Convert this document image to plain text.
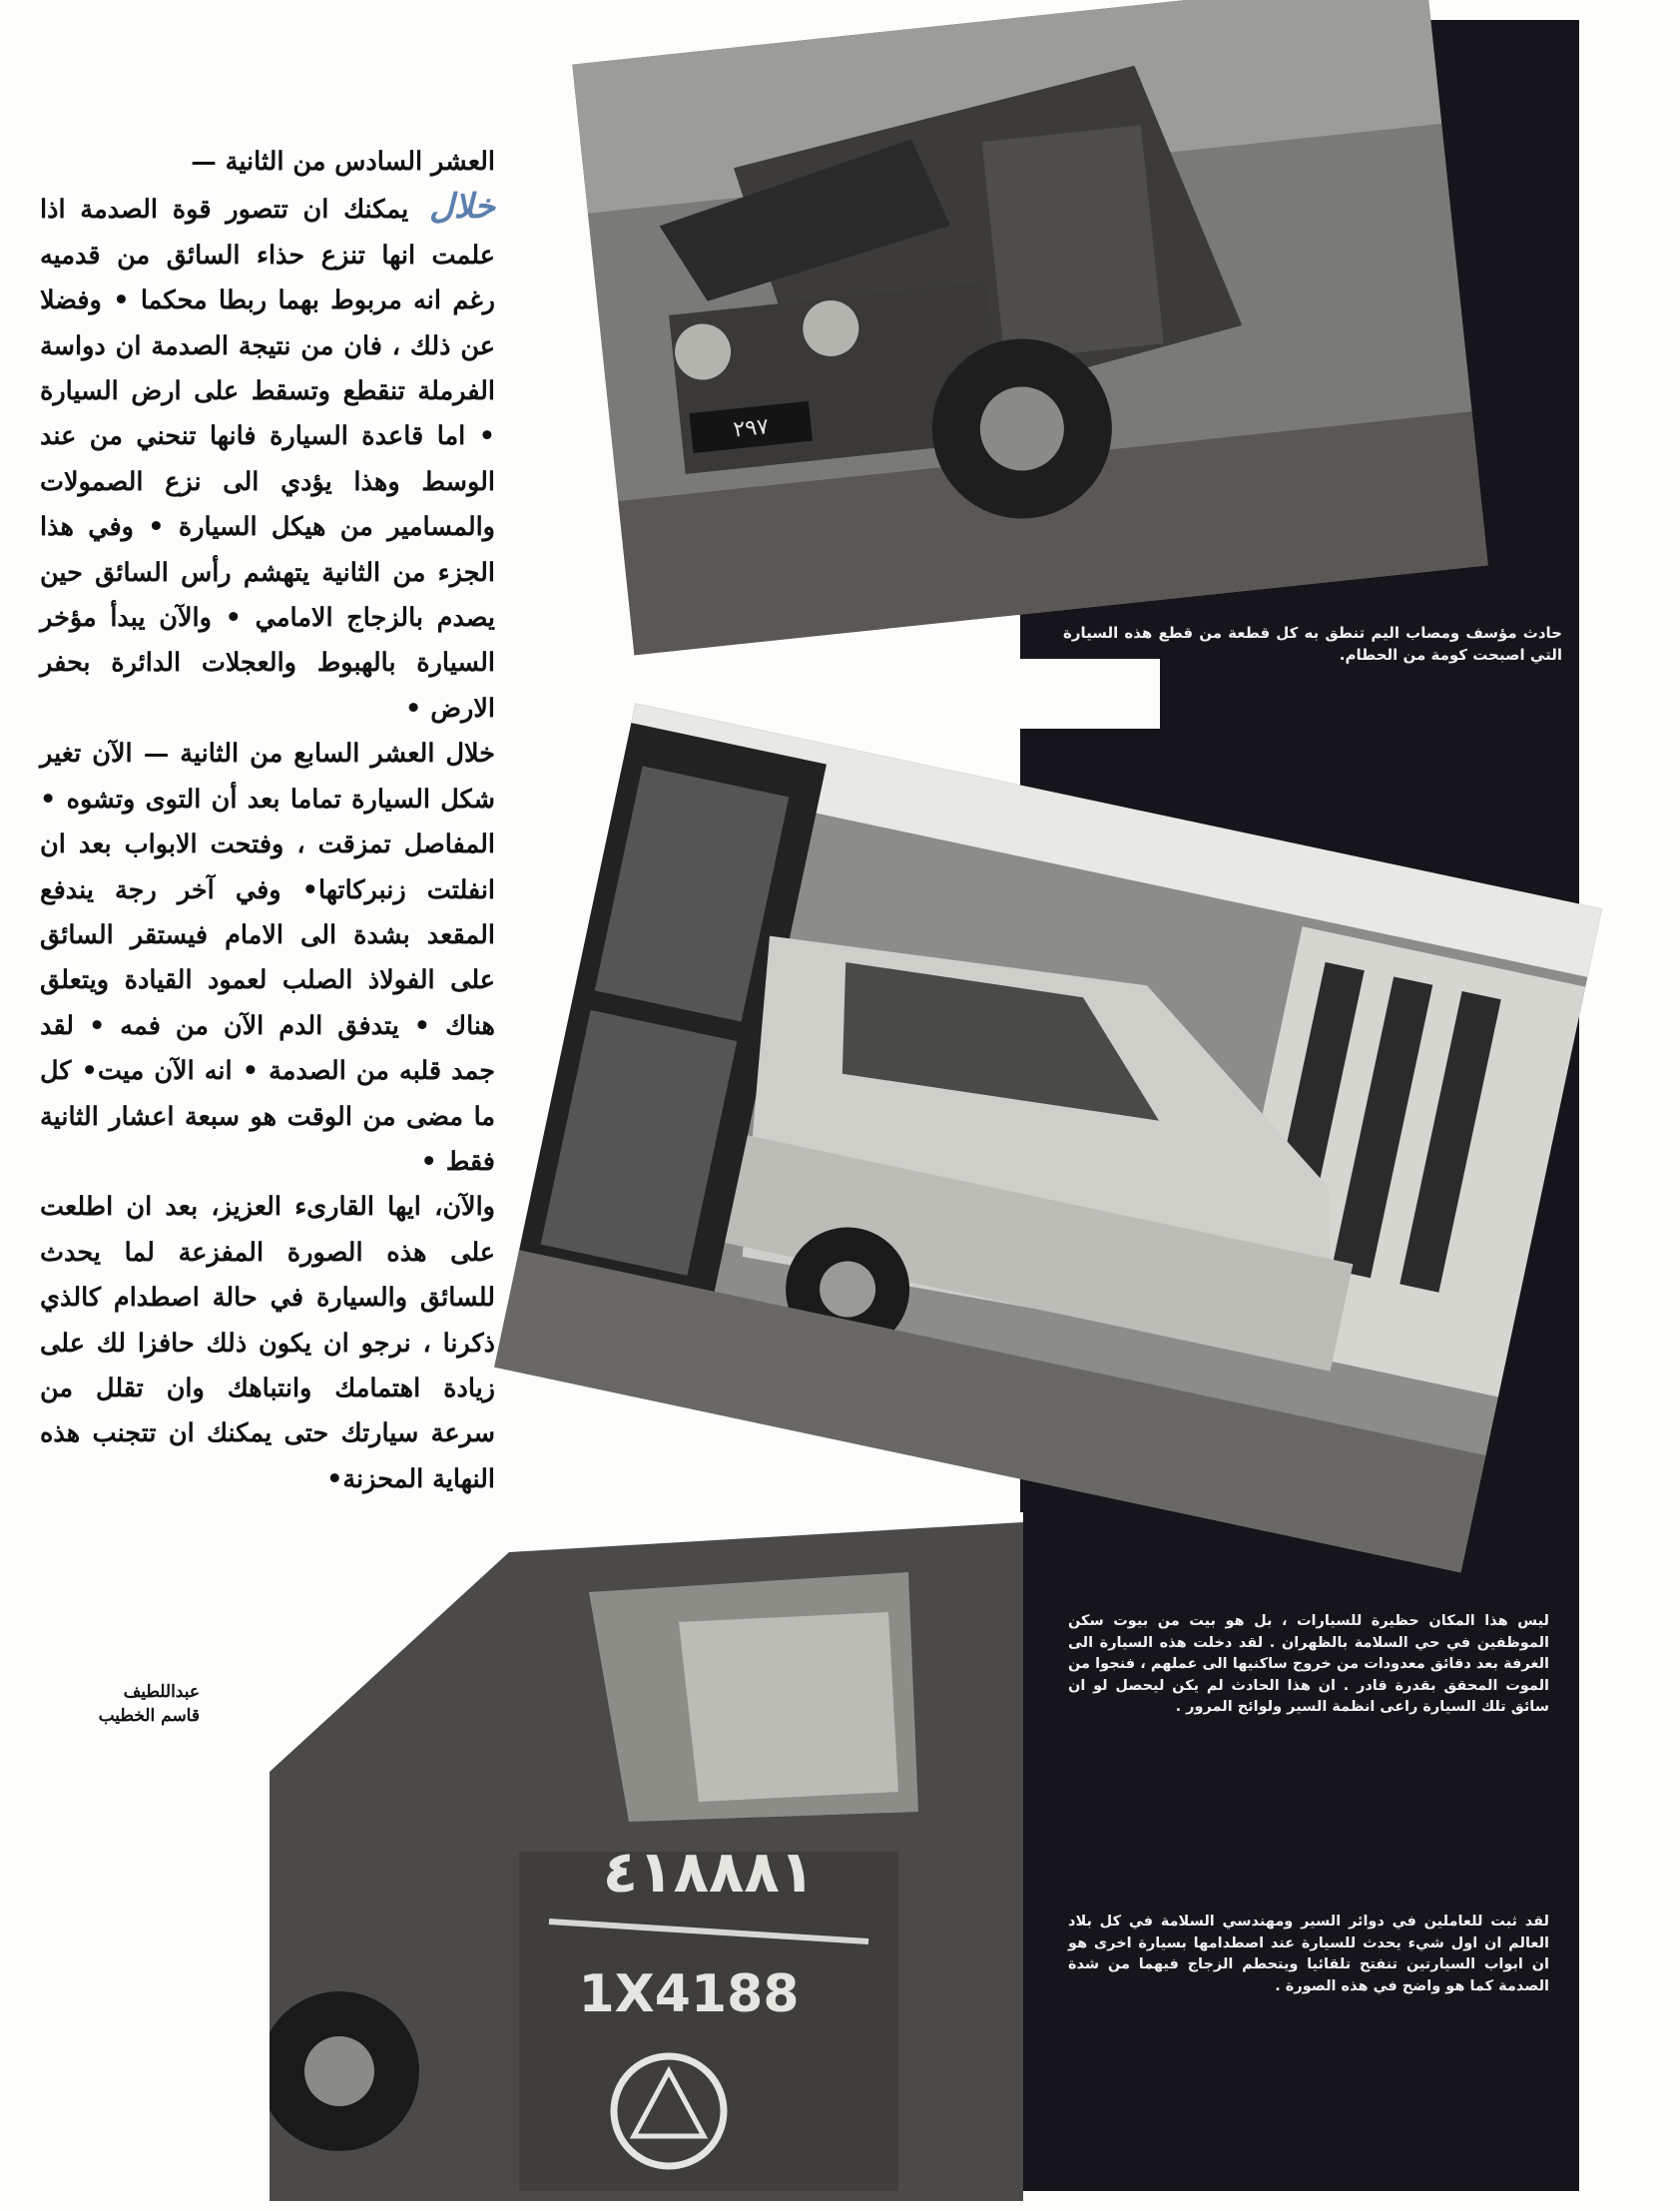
العشر السادس من الثانية —
خلال يمكنك ان تتصور قوة الصدمة اذا علمت انها تنزع حذاء السائق من قدميه رغم انه مربوط بهما ربطا محكما • وفضلا عن ذلك ، فان من نتيجة الصدمة ان دواسة الفرملة تنقطع وتسقط على ارض السيارة • اما قاعدة السيارة فانها تنحني من عند الوسط وهذا يؤدي الى نزع الصمولات والمسامير من هيكل السيارة • وفي هذا الجزء من الثانية يتهشم رأس السائق حين يصدم بالزجاج الامامي • والآن يبدأ مؤخر السيارة بالهبوط والعجلات الدائرة بحفر الارض •

خلال العشر السابع من الثانية — الآن تغير شكل السيارة تماما بعد أن التوى وتشوه • المفاصل تمزقت ، وفتحت الابواب بعد ان انفلتت زنبركاتها• وفي آخر رجة يندفع المقعد بشدة الى الامام فيستقر السائق على الفولاذ الصلب لعمود القيادة ويتعلق هناك • يتدفق الدم الآن من فمه • لقد جمد قلبه من الصدمة • انه الآن ميت• كل ما مضى من الوقت هو سبعة اعشار الثانية فقط •

والآن، ايها القارىء العزيز، بعد ان اطلعت على هذه الصورة المفزعة لما يحدث للسائق والسيارة في حالة اصطدام كالذي ذكرنا ، نرجو ان يكون ذلك حافزا لك على زيادة اهتمامك وانتباهك وان تقلل من سرعة سيارتك حتى يمكنك ان تتجنب هذه النهاية المحزنة•

عبداللطيف
قاسم الخطيب
٢٩٧
٤١٨٨٨١
1X4188
حادث مؤسف ومصاب اليم تنطق به كل قطعة من قطع هذه السيارة التي اصبحت كومة من الحطام.
ليس هذا المكان حظيرة للسيارات ، بل هو بيت من بيوت سكن الموظفين في حي السلامة بالظهران . لقد دخلت هذه السيارة الى الغرفة بعد دقائق معدودات من خروج ساكنيها الى عملهم ، فنجوا من الموت المحقق بقدرة قادر . ان هذا الحادث لم يكن ليحصل لو ان سائق تلك السيارة راعى انظمة السير ولوائح المرور .
لقد ثبت للعاملين في دوائر السير ومهندسي السلامة في كل بلاد العالم ان اول شيء يحدث للسيارة عند اصطدامها بسيارة اخرى هو ان ابواب السيارتين تنفتح تلقائيا ويتحطم الزجاج فيهما من شدة الصدمة كما هو واضح في هذه الصورة .
